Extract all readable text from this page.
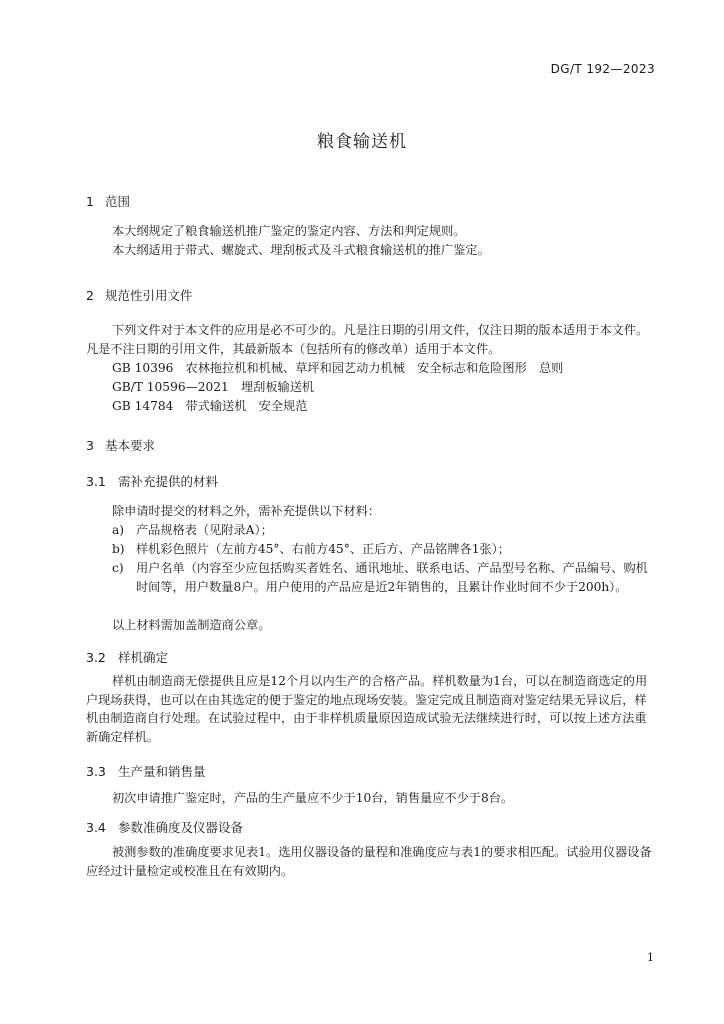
DG/T 192—2023
粮食输送机
1 范围
本大纲规定了粮食输送机推广鉴定的鉴定内容、方法和判定规则。
本大纲适用于带式、螺旋式、埋刮板式及斗式粮食输送机的推广鉴定。
2 规范性引用文件
下列文件对于本文件的应用是必不可少的。凡是注日期的引用文件，仅注日期的版本适用于本文件。凡是不注日期的引用文件，其最新版本（包括所有的修改单）适用于本文件。
GB 10396　农林拖拉机和机械、草坪和园艺动力机械　安全标志和危险图形　总则
GB/T 10596—2021　埋刮板输送机
GB 14784　带式输送机　安全规范
3 基本要求
3.1 需补充提供的材料
除申请时提交的材料之外，需补充提供以下材料：
a) 产品规格表（见附录A）；
b) 样机彩色照片（左前方45°、右前方45°、正后方、产品铭牌各1张）；
c) 用户名单（内容至少应包括购买者姓名、通讯地址、联系电话、产品型号名称、产品编号、购机时间等，用户数量8户。用户使用的产品应是近2年销售的，且累计作业时间不少于200h）。
以上材料需加盖制造商公章。
3.2 样机确定
样机由制造商无偿提供且应是12个月以内生产的合格产品。样机数量为1台，可以在制造商选定的用户现场获得，也可以在由其选定的便于鉴定的地点现场安装。鉴定完成且制造商对鉴定结果无异议后，样机由制造商自行处理。在试验过程中，由于非样机质量原因造成试验无法继续进行时，可以按上述方法重新确定样机。
3.3 生产量和销售量
初次申请推广鉴定时，产品的生产量应不少于10台，销售量应不少于8台。
3.4 参数准确度及仪器设备
被测参数的准确度要求见表1。选用仪器设备的量程和准确度应与表1的要求相匹配。试验用仪器设备应经过计量检定或校准且在有效期内。
1
